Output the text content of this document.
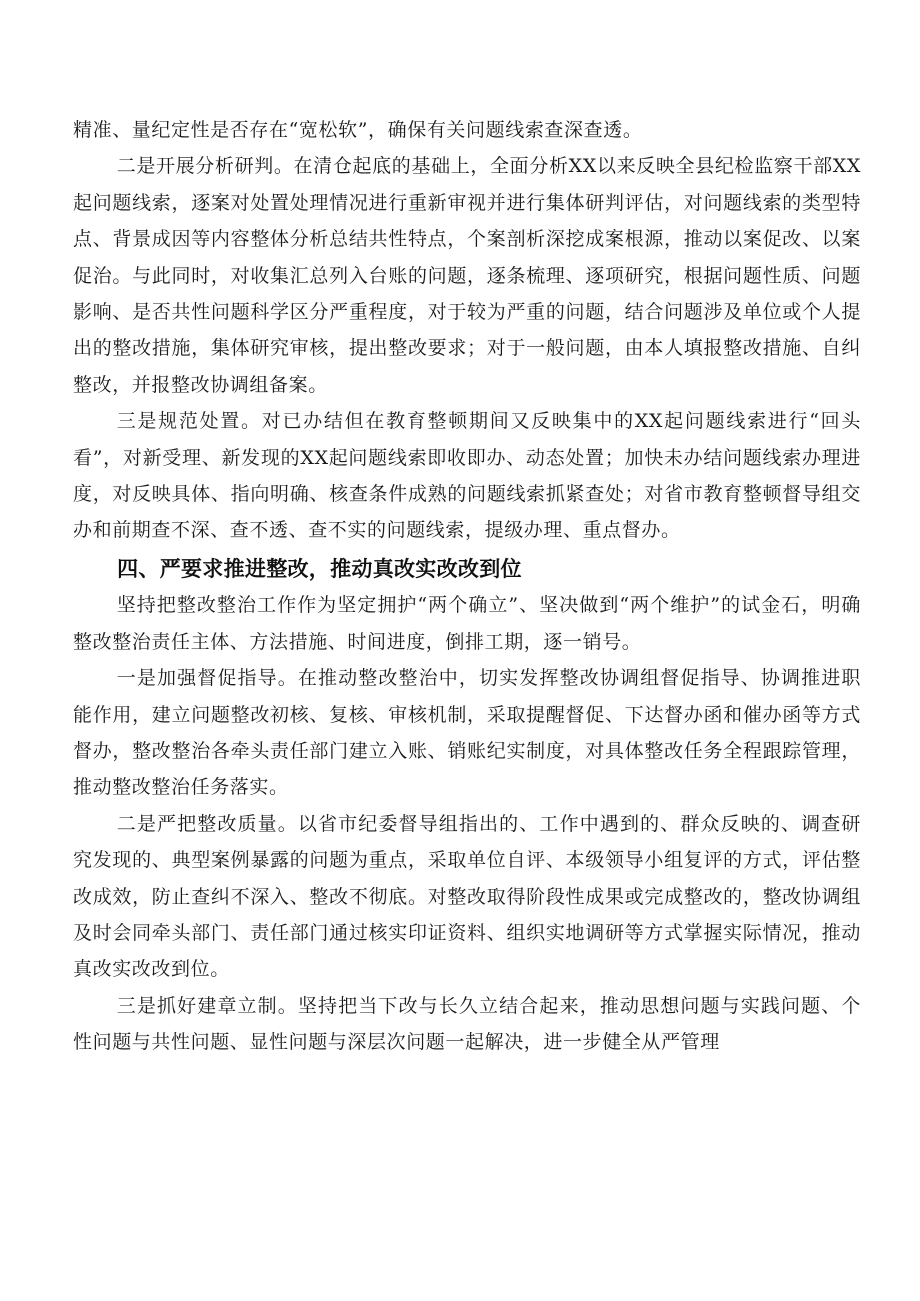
精准、量纪定性是否存在“宽松软”，确保有关问题线索查深查透。

二是开展分析研判。在清仓起底的基础上，全面分析XX以来反映全县纪检监察干部XX起问题线索，逐案对处置处理情况进行重新审视并进行集体研判评估，对问题线索的类型特点、背景成因等内容整体分析总结共性特点，个案剖析深挖成案根源，推动以案促改、以案促治。与此同时，对收集汇总列入台账的问题，逐条梳理、逐项研究，根据问题性质、问题影响、是否共性问题科学区分严重程度，对于较为严重的问题，结合问题涉及单位或个人提出的整改措施，集体研究审核，提出整改要求；对于一般问题，由本人填报整改措施、自纠整改，并报整改协调组备案。

三是规范处置。对已办结但在教育整顿期间又反映集中的XX起问题线索进行“回头看”，对新受理、新发现的XX起问题线索即收即办、动态处置；加快未办结问题线索办理进度，对反映具体、指向明确、核查条件成熟的问题线索抓紧查处；对省市教育整顿督导组交办和前期查不深、查不透、查不实的问题线索，提级办理、重点督办。

四、严要求推进整改，推动真改实改改到位

坚持把整改整治工作作为坚定拥护“两个确立”、坚决做到“两个维护”的试金石，明确整改整治责任主体、方法措施、时间进度，倒排工期，逐一销号。

一是加强督促指导。在推动整改整治中，切实发挥整改协调组督促指导、协调推进职能作用，建立问题整改初核、复核、审核机制，采取提醒督促、下达督办函和催办函等方式督办，整改整治各牵头责任部门建立入账、销账纪实制度，对具体整改任务全程跟踪管理，推动整改整治任务落实。

二是严把整改质量。以省市纪委督导组指出的、工作中遇到的、群众反映的、调查研究发现的、典型案例暴露的问题为重点，采取单位自评、本级领导小组复评的方式，评估整改成效，防止查纠不深入、整改不彻底。对整改取得阶段性成果或完成整改的，整改协调组及时会同牵头部门、责任部门通过核实印证资料、组织实地调研等方式掌握实际情况，推动真改实改改到位。

三是抓好建章立制。坚持把当下改与长久立结合起来，推动思想问题与实践问题、个性问题与共性问题、显性问题与深层次问题一起解决，进一步健全从严管理
